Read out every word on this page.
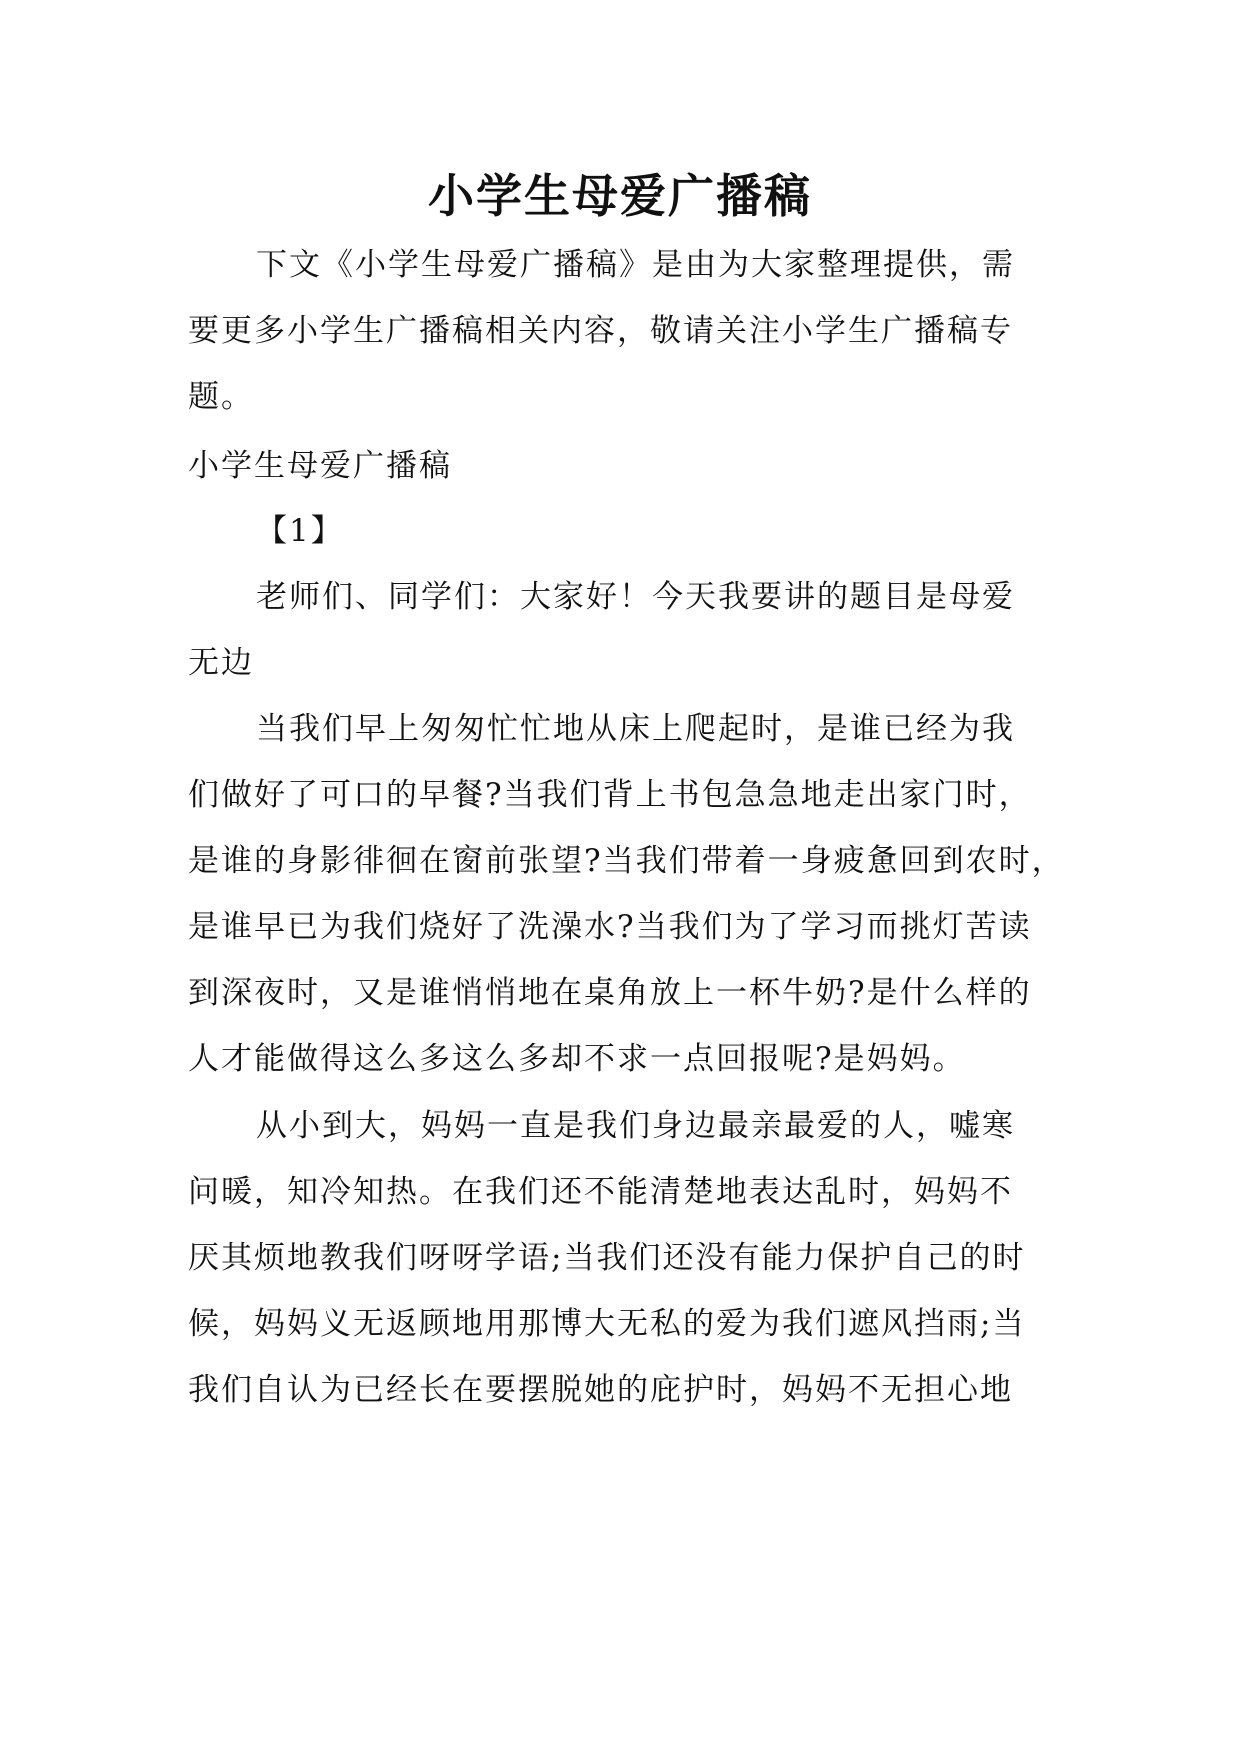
小学生母爱广播稿
下文《小学生母爱广播稿》是由为大家整理提供，需
要更多小学生广播稿相关内容，敬请关注小学生广播稿专
题。
小学生母爱广播稿
【1】
老师们、同学们：大家好！今天我要讲的题目是母爱
无边
当我们早上匆匆忙忙地从床上爬起时，是谁已经为我
们做好了可口的早餐?当我们背上书包急急地走出家门时，
是谁的身影徘徊在窗前张望?当我们带着一身疲惫回到农时，
是谁早已为我们烧好了洗澡水?当我们为了学习而挑灯苦读
到深夜时，又是谁悄悄地在桌角放上一杯牛奶?是什么样的
人才能做得这么多这么多却不求一点回报呢?是妈妈。
从小到大，妈妈一直是我们身边最亲最爱的人，嘘寒
问暖，知冷知热。在我们还不能清楚地表达乱时，妈妈不
厌其烦地教我们呀呀学语;当我们还没有能力保护自己的时
候，妈妈义无返顾地用那博大无私的爱为我们遮风挡雨;当
我们自认为已经长在要摆脱她的庇护时，妈妈不无担心地
